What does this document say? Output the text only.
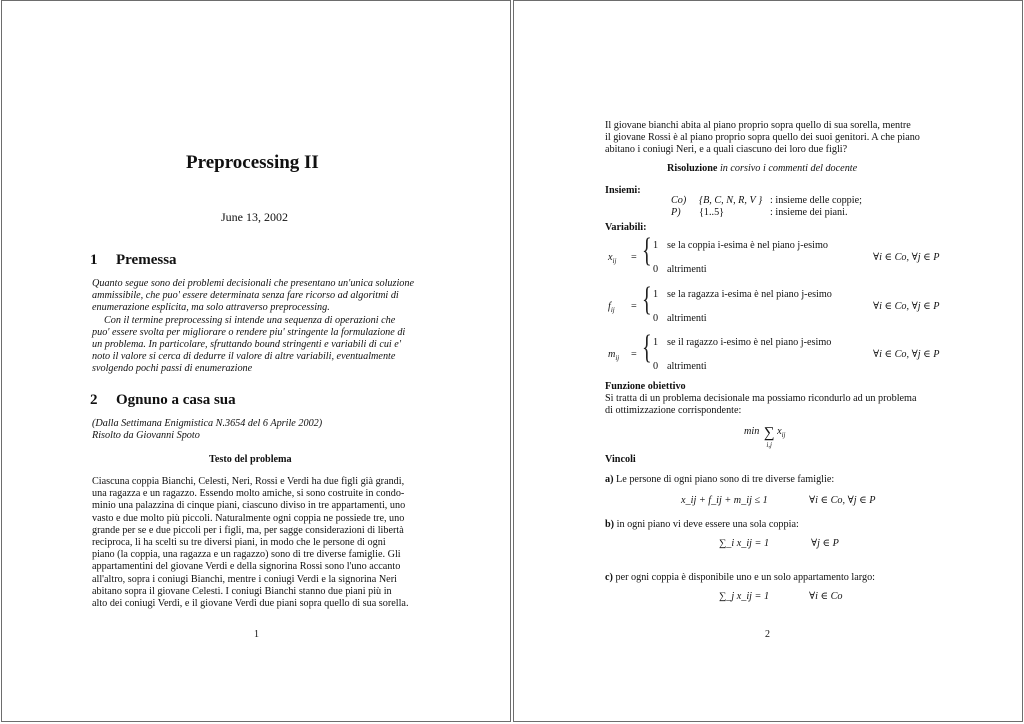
Preprocessing II
June 13, 2002
1 Premessa
Quanto segue sono dei problemi decisionali che presentano un'unica soluzione
ammissibile, che puo' essere determinata senza fare ricorso ad algoritmi di
enumerazione esplicita, ma solo attraverso preprocessing.
Con il termine preprocessing si intende una sequenza di operazioni che
puo' essere svolta per migliorare o rendere piu' stringente la formulazione di
un problema. In particolare, sfruttando bound stringenti e variabili di cui e'
noto il valore si cerca di dedurre il valore di altre variabili, eventualmente
svolgendo pochi passi di enumerazione
2 Ognuno a casa sua
(Dalla Settimana Enigmistica N.3654 del 6 Aprile 2002)
Risolto da Giovanni Spoto
Testo del problema
Ciascuna coppia Bianchi, Celesti, Neri, Rossi e Verdi ha due figli già grandi,
una ragazza e un ragazzo. Essendo molto amiche, si sono costruite in condo-
minio una palazzina di cinque piani, ciascuno diviso in tre appartamenti, uno
vasto e due molto più piccoli. Naturalmente ogni coppia ne possiede tre, uno
grande per se e due piccoli per i figli, ma, per sagge considerazioni di libertà
reciproca, li ha scelti su tre diversi piani, in modo che le persone di ogni
piano (la coppia, una ragazza e un ragazzo) sono di tre diverse famiglie. Gli
appartamentini del giovane Verdi e della signorina Rossi sono l'uno accanto
all'altro, sopra i coniugi Bianchi, mentre i coniugi Verdi e la signorina Neri
abitano sopra il giovane Celesti. I coniugi Bianchi stanno due piani più in
alto dei coniugi Verdi, e il giovane Verdi due piani sopra quello di sua sorella.
1
Il giovane bianchi abita al piano proprio sopra quello di sua sorella, mentre
il giovane Rossi è al piano proprio sopra quello dei suoi genitori. A che piano
abitano i coniugi Neri, e a quali ciascuno dei loro due figli?
Risoluzione in corsivo i commenti del docente
Insiemi:
Co) {B, C, N, R, V } : insieme delle coppie;
P) {1..5}	: insieme dei piani.
Variabili:
$x_{ij}$ = { 1 se la coppia i-esima è nel piano j-esimo
0 altrimenti
∀i ∈ Co, ∀j ∈ P
$f_{ij}$ = { 1 se la ragazza i-esima è nel piano j-esimo
0 altrimenti
∀i ∈ Co, ∀j ∈ P
$m_{ij}$ = { 1 se il ragazzo i-esimo è nel piano j-esimo
0 altrimenti
∀i ∈ Co, ∀j ∈ P
Funzione obiettivo
Si tratta di un problema decisionale ma possiamo ricondurlo ad un problema
di ottimizzazione corrispondente:
min ∑
i,j
$x_{ij}$
Vincoli
a) Le persone di ogni piano sono di tre diverse famiglie:
x_ij + f_ij + m_ij ≤ 1	∀i ∈ Co, ∀j ∈ P
b) in ogni piano vi deve essere una sola coppia:
∑_i x_ij = 1	∀j ∈ P
c) per ogni coppia è disponibile uno e un solo appartamento largo:
∑_j x_ij = 1	∀i ∈ Co
2
